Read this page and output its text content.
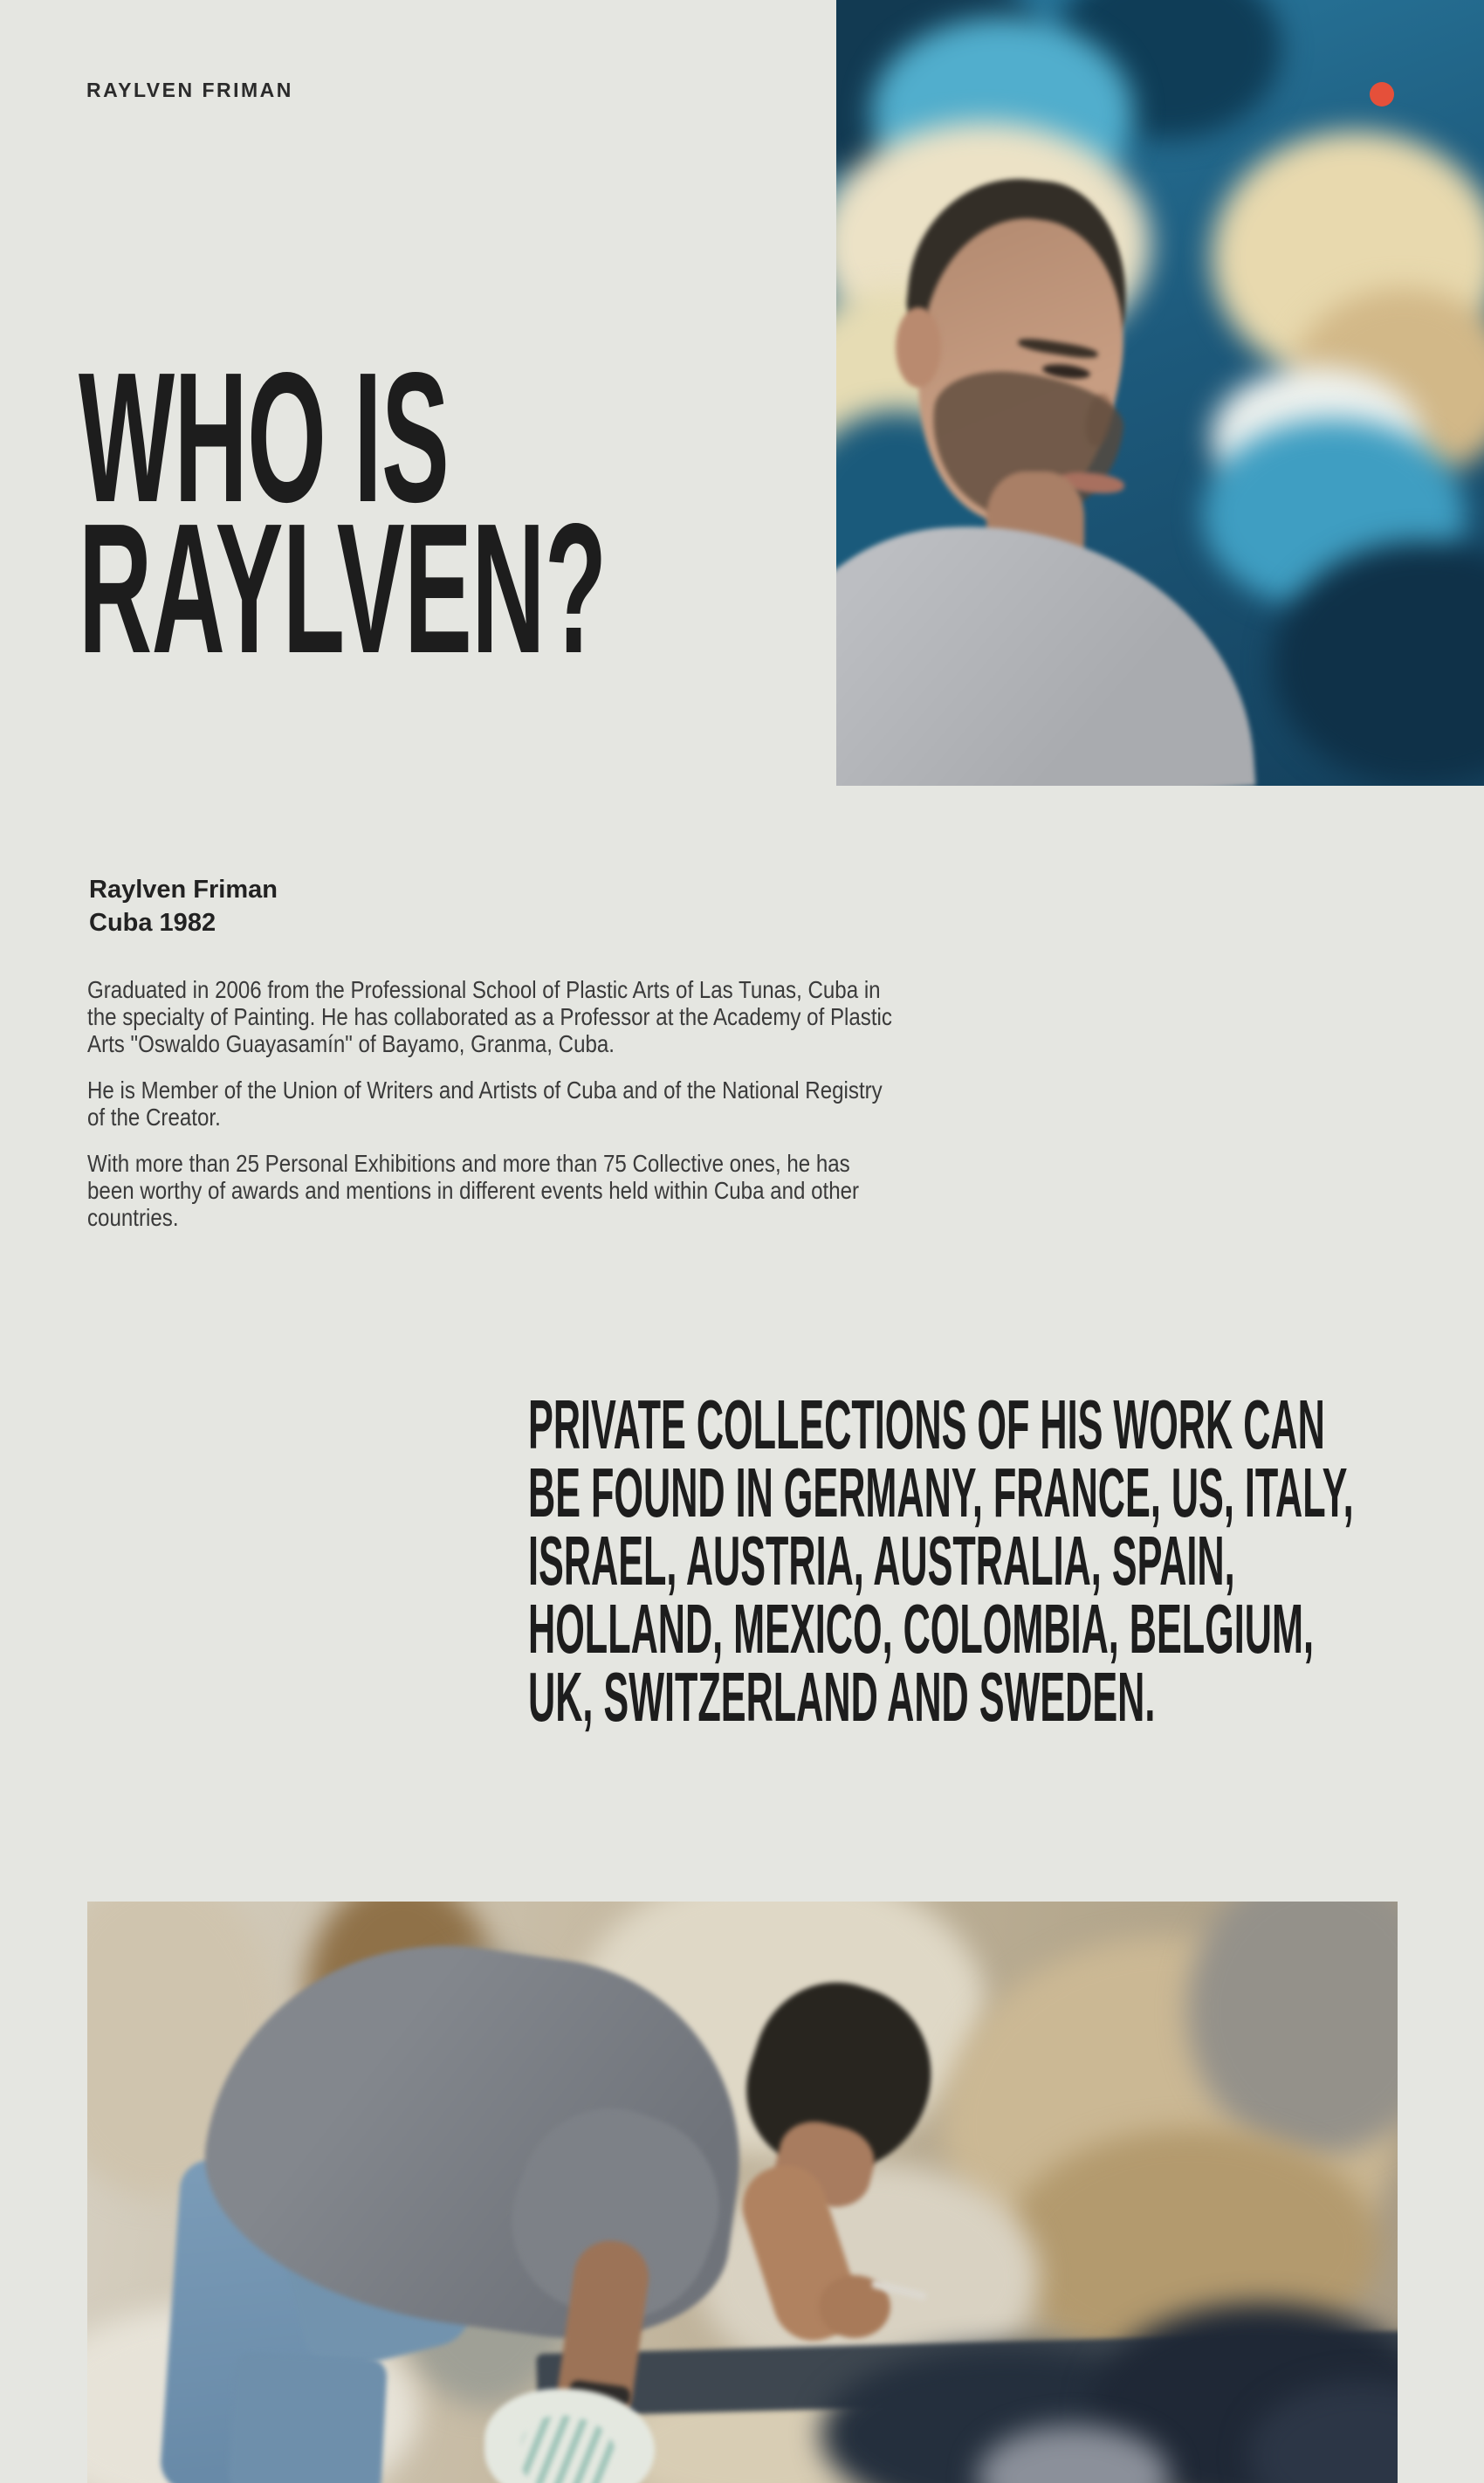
RAYLVEN FRIMAN
WHO IS
RAYLVEN?
Raylven Friman
Cuba 1982

Graduated in 2006 from the Professional School of Plastic Arts of Las Tunas, Cuba in the specialty of Painting. He has collaborated as a Professor at the Academy of Plastic Arts "Oswaldo Guayasamín" of Bayamo, Granma, Cuba.

He is Member of the Union of Writers and Artists of Cuba and of the National Registry of the Creator.

With more than 25 Personal Exhibitions and more than 75 Collective ones, he has been worthy of awards and mentions in different events held within Cuba and other countries.

PRIVATE COLLECTIONS OF HIS WORK CAN
BE FOUND IN GERMANY, FRANCE, US, ITALY,
ISRAEL, AUSTRIA, AUSTRALIA, SPAIN,
HOLLAND, MEXICO, COLOMBIA, BELGIUM,
UK, SWITZERLAND AND SWEDEN.
